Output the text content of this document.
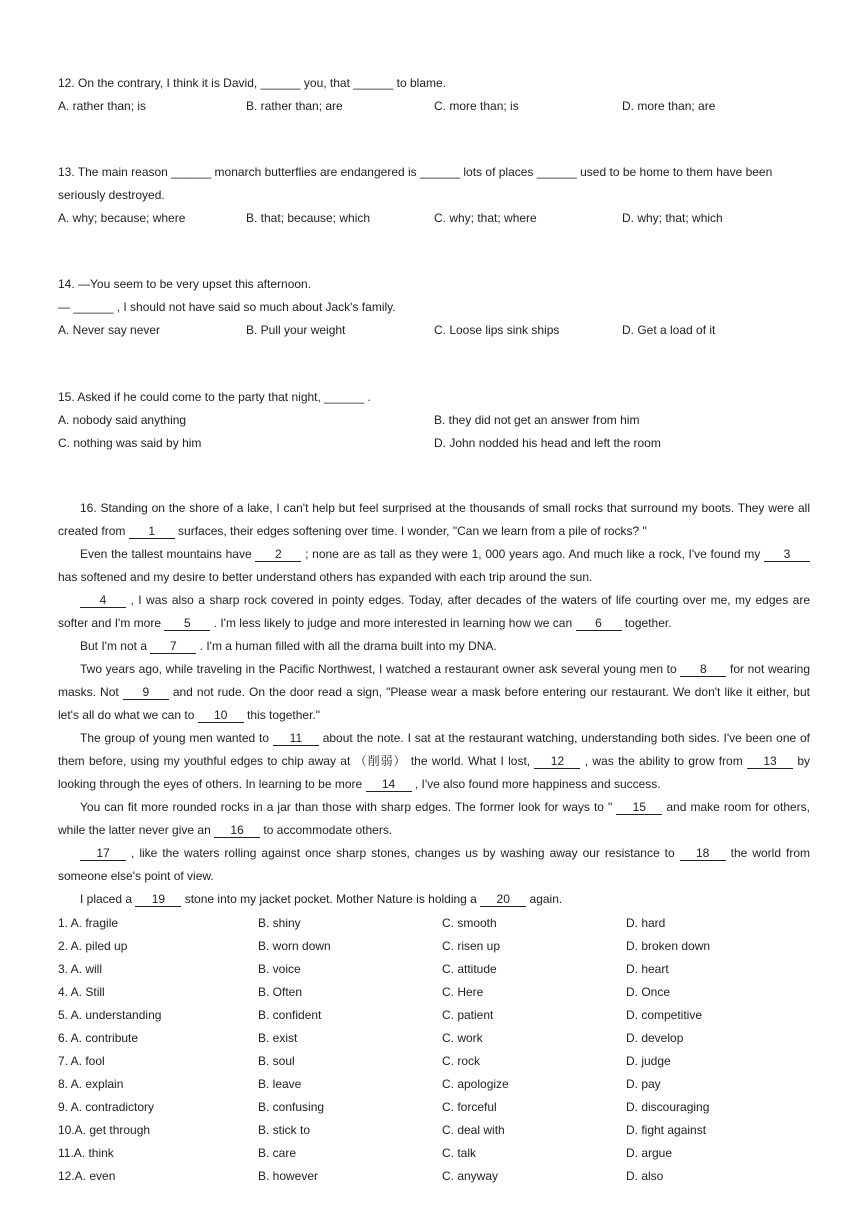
12. On the contrary, I think it is David, ______ you, that ______ to blame.
A. rather than; is	B. rather than; are	C. more than; is	D. more than; are
13. The main reason ______ monarch butterflies are endangered is ______ lots of places ______ used to be home to them have been
seriously destroyed.
A. why; because; where	B. that; because; which	C. why; that; where	D. why; that; which
14. —You seem to be very upset this afternoon.
— ______ , I should not have said so much about Jack's family.
A. Never say never	B. Pull your weight	C. Loose lips sink ships	D. Get a load of it
15. Asked if he could come to the party that night, ______ .
A. nobody said anything	B. they did not get an answer from him
C. nothing was said by him	D. John nodded his head and left the room

16. Standing on the shore of a lake, I can't help but feel surprised at the thousands of small rocks that surround my boots. They were all created from 1 surfaces, their edges softening over time. I wonder, "Can we learn from a pile of rocks? "

Even the tallest mountains have 2 ; none are as tall as they were 1, 000 years ago. And much like a rock, I've found my 3 has softened and my desire to better understand others has expanded with each trip around the sun.

4 , I was also a sharp rock covered in pointy edges. Today, after decades of the waters of life courting over me, my edges are softer and I'm more 5 . I'm less likely to judge and more interested in learning how we can 6 together.

But I'm not a 7 . I'm a human filled with all the drama built into my DNA.

Two years ago, while traveling in the Pacific Northwest, I watched a restaurant owner ask several young men to 8 for not wearing masks. Not 9 and not rude. On the door read a sign, "Please wear a mask before entering our restaurant. We don't like it either, but let's all do what we can to 10 this together."

The group of young men wanted to 11 about the note. I sat at the restaurant watching, understanding both sides. I've been one of them before, using my youthful edges to chip away at （削弱） the world. What I lost, 12 , was the ability to grow from 13 by looking through the eyes of others. In learning to be more 14 , I've also found more happiness and success.

You can fit more rounded rocks in a jar than those with sharp edges. The former look for ways to " 15 and make room for others, while the latter never give an 16 to accommodate others.

17 , like the waters rolling against once sharp stones, changes us by washing away our resistance to 18 the world from someone else's point of view.

I placed a 19 stone into my jacket pocket. Mother Nature is holding a 20 again.

1. A. fragile	B. shiny	C. smooth	D. hard
2. A. piled up	B. worn down	C. risen up	D. broken down
3. A. will	B. voice	C. attitude	D. heart
4. A. Still	B. Often	C. Here	D. Once
5. A. understanding	B. confident	C. patient	D. competitive
6. A. contribute	B. exist	C. work	D. develop
7. A. fool	B. soul	C. rock	D. judge
8. A. explain	B. leave	C. apologize	D. pay
9. A. contradictory	B. confusing	C. forceful	D. discouraging
10.A. get through	B. stick to	C. deal with	D. fight against
11.A. think	B. care	C. talk	D. argue
12.A. even	B. however	C. anyway	D. also
